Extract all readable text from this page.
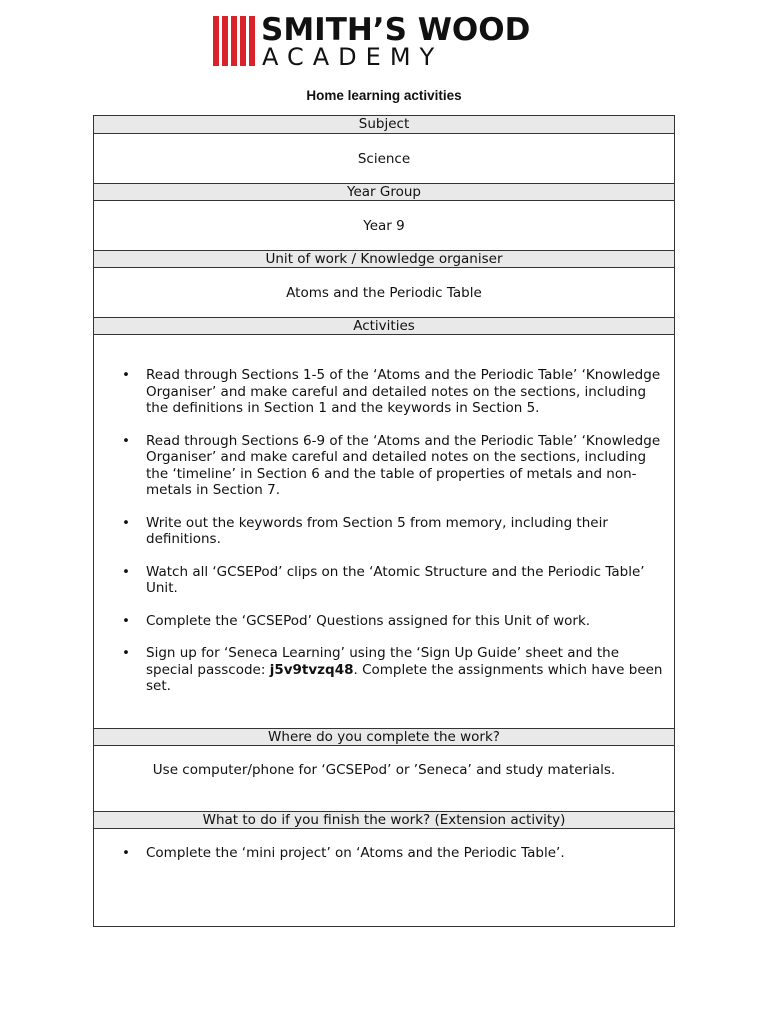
SMITH’S WOOD
ACADEMY
Home learning activities
Subject
Science
Year Group
Year 9
Unit of work / Knowledge organiser
Atoms and the Periodic Table
Activities
• Read through Sections 1-5 of the ‘Atoms and the Periodic Table’ ‘Knowledge Organiser’ and make careful and detailed notes on the sections, including the definitions in Section 1 and the keywords in Section 5.
• Read through Sections 6-9 of the ‘Atoms and the Periodic Table’ ‘Knowledge Organiser’ and make careful and detailed notes on the sections, including the ‘timeline’ in Section 6 and the table of properties of metals and non-metals in Section 7.
• Write out the keywords from Section 5 from memory, including their definitions.
• Watch all ‘GCSEPod’ clips on the ‘Atomic Structure and the Periodic Table’ Unit.
• Complete the ‘GCSEPod’ Questions assigned for this Unit of work.
• Sign up for ‘Seneca Learning’ using the ‘Sign Up Guide’ sheet and the special passcode: j5v9tvzq48. Complete the assignments which have been set.
Where do you complete the work?
Use computer/phone for ‘GCSEPod’ or ’Seneca’ and study materials.
What to do if you finish the work? (Extension activity)
• Complete the ‘mini project’ on ‘Atoms and the Periodic Table’.
